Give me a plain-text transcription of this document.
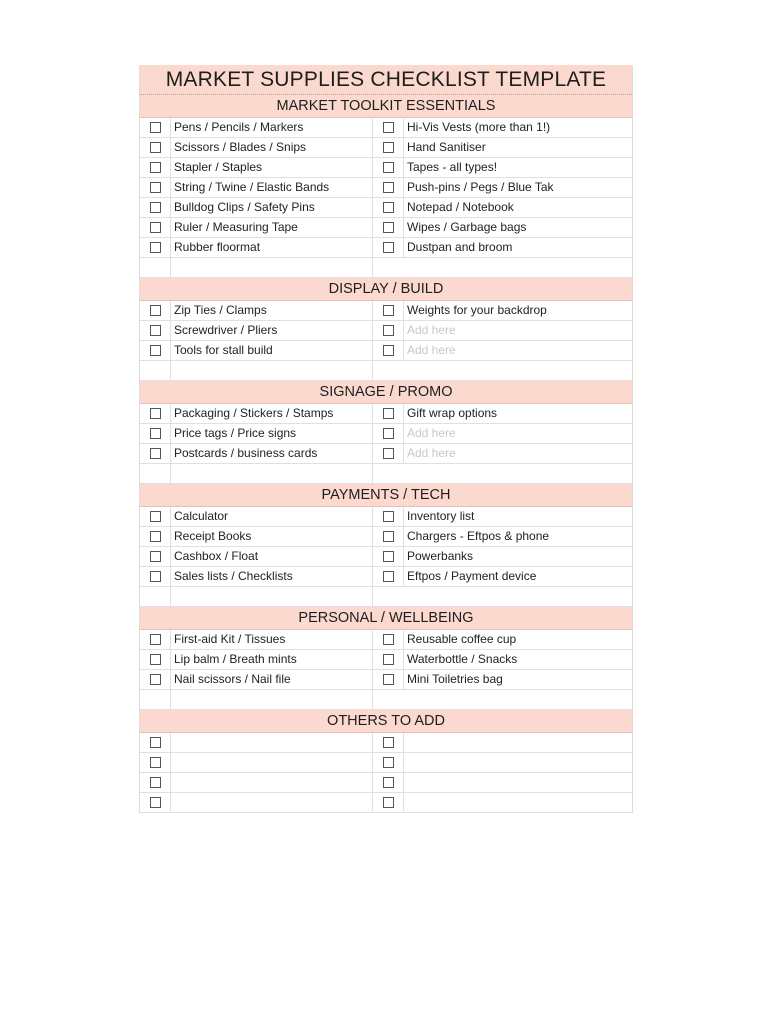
MARKET SUPPLIES CHECKLIST TEMPLATE
MARKET TOOLKIT ESSENTIALS
Pens / Pencils / Markers	Hi-Vis Vests (more than 1!)
Scissors / Blades / Snips	Hand Sanitiser
Stapler / Staples	Tapes - all types!
String / Twine / Elastic Bands	Push-pins / Pegs / Blue Tak
Bulldog Clips / Safety Pins	Notepad / Notebook
Ruler / Measuring Tape	Wipes / Garbage bags
Rubber floormat	Dustpan and broom
DISPLAY / BUILD
Zip Ties / Clamps	Weights for your backdrop
Screwdriver / Pliers	Add here
Tools for stall build	Add here
SIGNAGE / PROMO
Packaging / Stickers / Stamps	Gift wrap options
Price tags / Price signs	Add here
Postcards / business cards	Add here
PAYMENTS / TECH
Calculator	Inventory list
Receipt Books	Chargers - Eftpos & phone
Cashbox / Float	Powerbanks
Sales lists / Checklists	Eftpos / Payment device
PERSONAL / WELLBEING
First-aid Kit / Tissues	Reusable coffee cup
Lip balm / Breath mints	Waterbottle / Snacks
Nail scissors / Nail file	Mini Toiletries bag
OTHERS TO ADD
